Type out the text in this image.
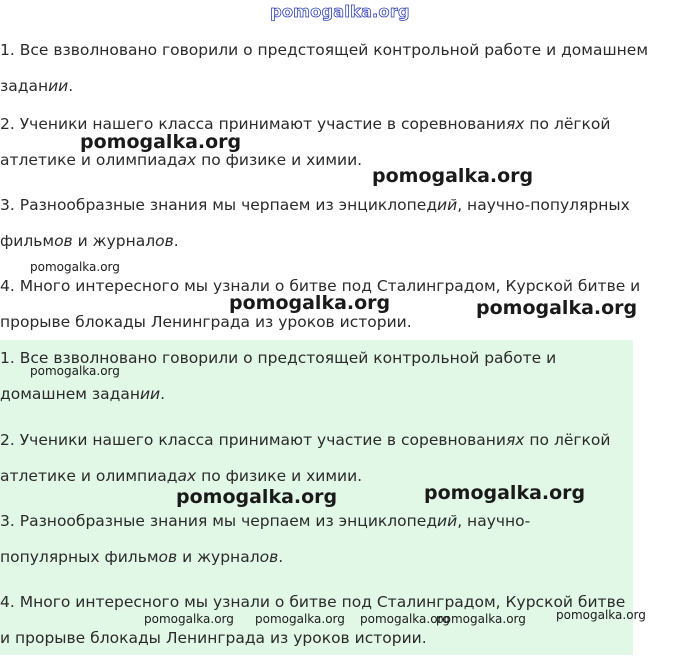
pomogalka.org

1. Все взволновано говорили о предстоящей контрольной работе и домашнем задании.

2. Ученики нашего класса принимают участие в соревнованиях по лёгкой атлетике и олимпиадах по физике и химии.

3. Разнообразные знания мы черпаем из энциклопедий, научно-популярных фильмов и журналов.

4. Много интересного мы узнали о битве под Сталинградом, Курской битве и прорыве блокады Ленинграда из уроков истории.

1. Все взволновано говорили о предстоящей контрольной работе и домашнем задании.

2. Ученики нашего класса принимают участие в соревнованиях по лёгкой атлетике и олимпиадах по физике и химии.

3. Разнообразные знания мы черпаем из энциклопедий, научно-популярных фильмов и журналов.

4. Много интересного мы узнали о битве под Сталинградом, Курской битве и прорыве блокады Ленинграда из уроков истории.

pomogalka.org
pomogalka.org
pomogalka.org
pomogalka.org	pomogalka.org
pomogalka.org
pomogalka.org	pomogalka.org
pomogalka.org pomogalka.org pomogalka.org
pomogalka.org	pomogalka.org
